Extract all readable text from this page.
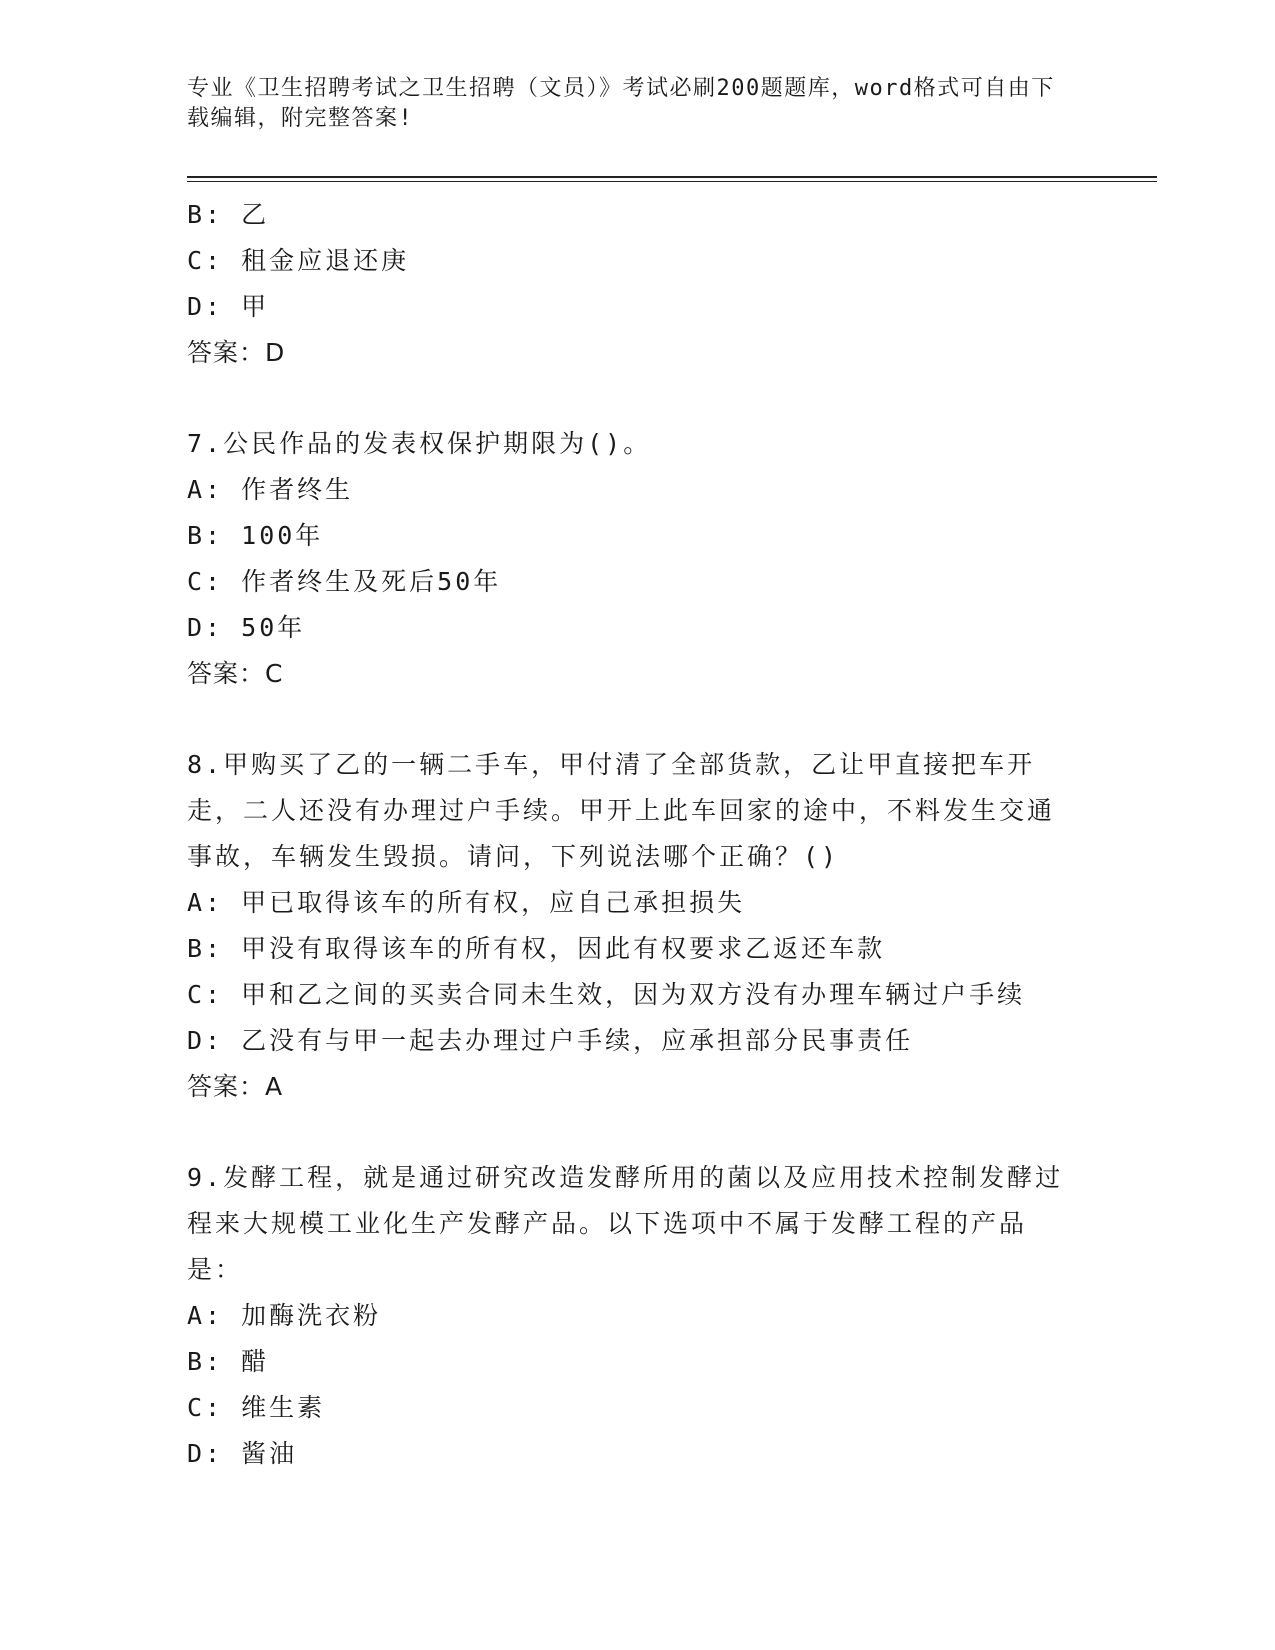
专业《卫生招聘考试之卫生招聘（文员）》考试必刷200题题库，word格式可自由下载编辑，附完整答案!
B: 乙
C: 租金应退还庚
D: 甲
答案：D
7.公民作品的发表权保护期限为()。
A: 作者终生
B: 100年
C: 作者终生及死后50年
D: 50年
答案：C
8.甲购买了乙的一辆二手车，甲付清了全部货款，乙让甲直接把车开走，二人还没有办理过户手续。甲开上此车回家的途中，不料发生交通事故，车辆发生毁损。请问，下列说法哪个正确？()
A: 甲已取得该车的所有权，应自己承担损失
B: 甲没有取得该车的所有权，因此有权要求乙返还车款
C: 甲和乙之间的买卖合同未生效，因为双方没有办理车辆过户手续
D: 乙没有与甲一起去办理过户手续，应承担部分民事责任
答案：A
9.发酵工程，就是通过研究改造发酵所用的菌以及应用技术控制发酵过程来大规模工业化生产发酵产品。以下选项中不属于发酵工程的产品是：
A: 加酶洗衣粉
B: 醋
C: 维生素
D: 酱油
